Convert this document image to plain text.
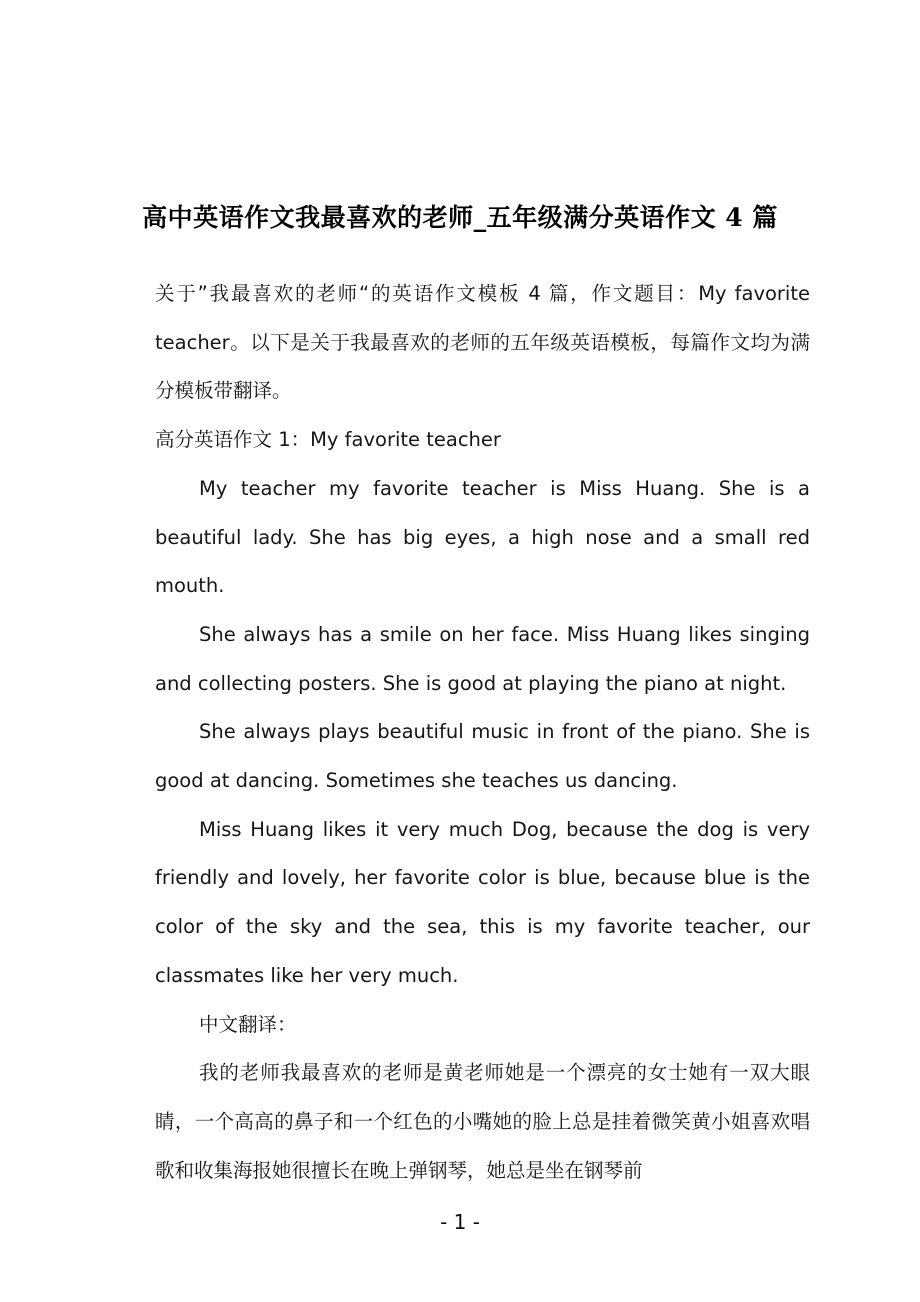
高中英语作文我最喜欢的老师_五年级满分英语作文 4 篇

关于”我最喜欢的老师“的英语作文模板 4 篇，作文题目：My favorite teacher。以下是关于我最喜欢的老师的五年级英语模板，每篇作文均为满分模板带翻译。

高分英语作文 1：My favorite teacher

My teacher my favorite teacher is Miss Huang. She is a beautiful lady. She has big eyes, a high nose and a small red mouth.

She always has a smile on her face. Miss Huang likes singing and collecting posters. She is good at playing the piano at night.

She always plays beautiful music in front of the piano. She is good at dancing. Sometimes she teaches us dancing.

Miss Huang likes it very much Dog, because the dog is very friendly and lovely, her favorite color is blue, because blue is the color of the sky and the sea, this is my favorite teacher, our classmates like her very much.

中文翻译：

我的老师我最喜欢的老师是黄老师她是一个漂亮的女士她有一双大眼睛，一个高高的鼻子和一个红色的小嘴她的脸上总是挂着微笑黄小姐喜欢唱歌和收集海报她很擅长在晚上弹钢琴，她总是坐在钢琴前

- 1 -
